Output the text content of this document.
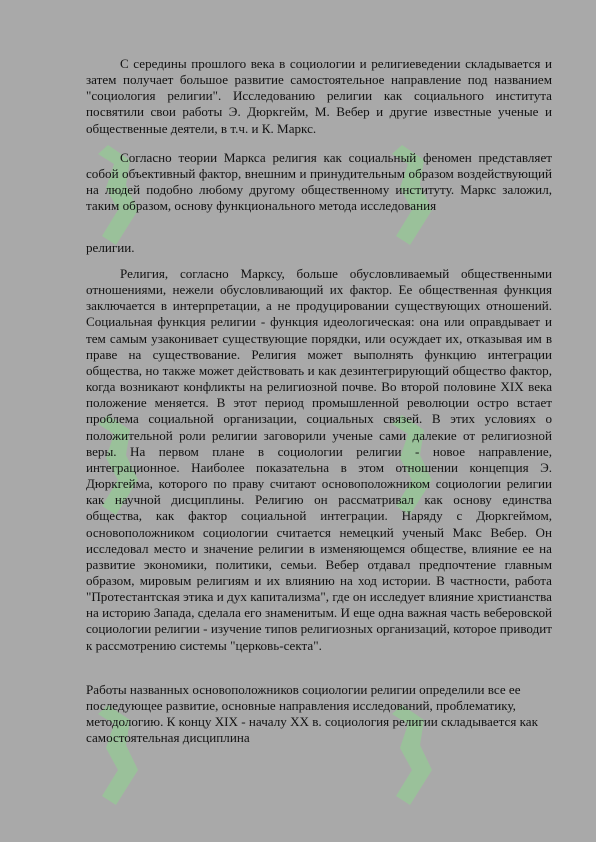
С середины прошлого века в социологии и религиеведении складывается и затем получает большое развитие самостоятельное направление под названием "социология религии". Исследованию религии как социального института посвятили свои работы Э. Дюркгейм, М. Вебер и другие известные ученые и общественные деятели, в т.ч. и К. Маркс.

Согласно теории Маркса религия как социальный феномен представляет собой объективный фактор, внешним и принудительным образом воздействующий на людей подобно любому другому общественному институту. Маркс заложил, таким образом, основу функционального метода исследования

религии.

Религия, согласно Марксу, больше обусловливаемый общественными отношениями, нежели обусловливающий их фактор. Ее общественная функция заключается в интерпретации, а не продуцировании существующих отношений. Социальная функция религии - функция идеологическая: она или оправдывает и тем самым узаконивает существующие порядки, или осуждает их, отказывая им в праве на существование. Религия может выполнять функцию интеграции общества, но также может действовать и как дезинтегрирующий общество фактор, когда возникают конфликты на религиозной почве. Во второй половине XIX века положение меняется. В этот период промышленной революции остро встает проблема социальной организации, социальных связей. В этих условиях о положительной роли религии заговорили ученые сами далекие от религиозной веры. На первом плане в социологии религии - новое направление, интеграционное. Наиболее показательна в этом отношении концепция Э. Дюркгейма, которого по праву считают основоположником социологии религии как научной дисциплины. Религию он рассматривал как основу единства общества, как фактор социальной интеграции. Наряду с Дюркгеймом, основоположником социологии считается немецкий ученый Макс Вебер. Он исследовал место и значение религии в изменяющемся обществе, влияние ее на развитие экономики, политики, семьи. Вебер отдавал предпочтение главным образом, мировым религиям и их влиянию на ход истории. В частности, работа "Протестантская этика и дух капитализма", где он исследует влияние христианства на историю Запада, сделала его знаменитым. И еще одна важная часть веберовской социологии религии - изучение типов религиозных организаций, которое приводит к рассмотрению системы "церковь-секта".

Работы названных основоположников социологии религии определили все ее последующее развитие, основные направления исследований, проблематику, методологию. К концу XIX - началу XX в. социология религии складывается как самостоятельная дисциплина
